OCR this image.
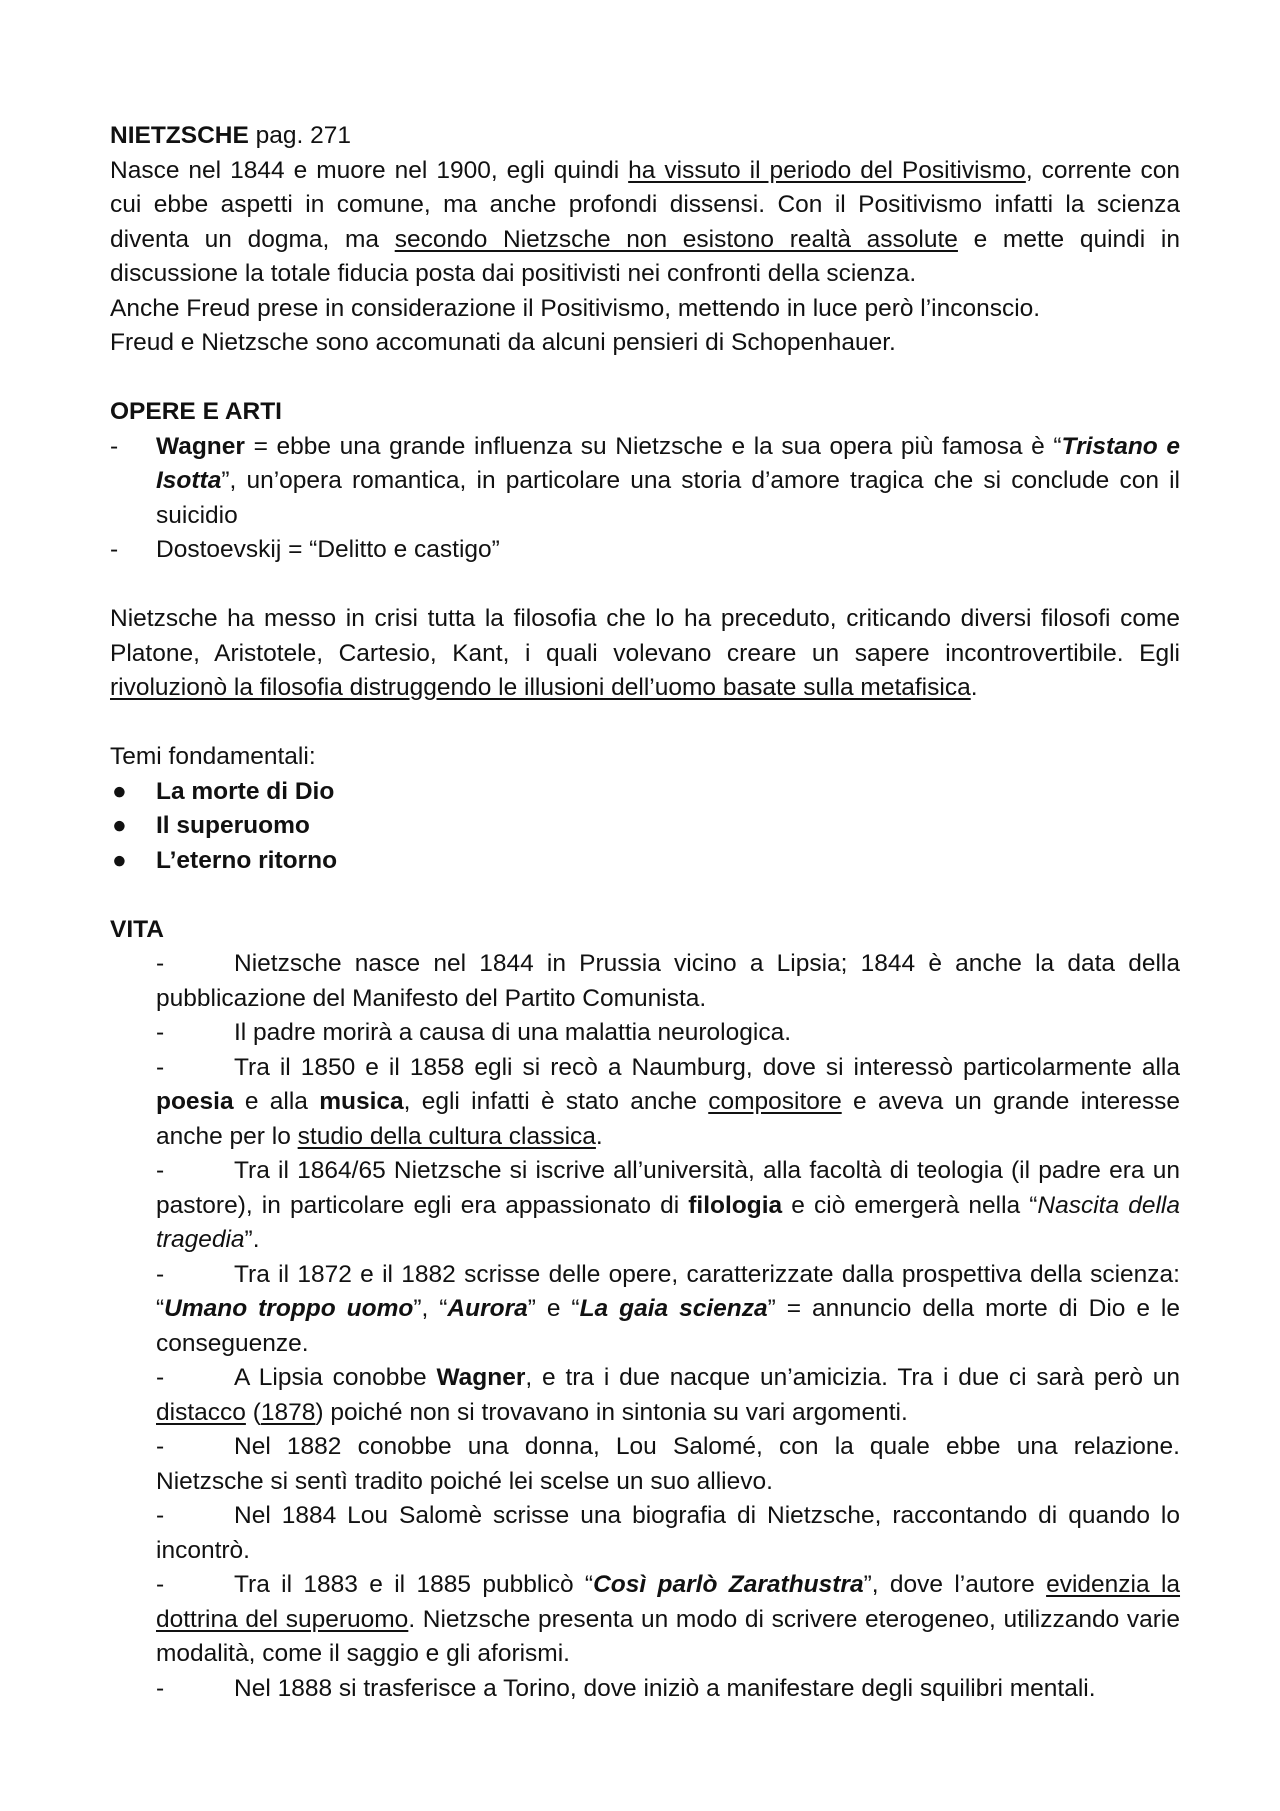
NIETZSCHE pag. 271

Nasce nel 1844 e muore nel 1900, egli quindi ha vissuto il periodo del Positivismo, corrente con cui ebbe aspetti in comune, ma anche profondi dissensi. Con il Positivismo infatti la scienza diventa un dogma, ma secondo Nietzsche non esistono realtà assolute e mette quindi in discussione la totale fiducia posta dai positivisti nei confronti della scienza.

Anche Freud prese in considerazione il Positivismo, mettendo in luce però l’inconscio.

Freud e Nietzsche sono accomunati da alcuni pensieri di Schopenhauer.

OPERE E ARTI

-	Wagner = ebbe una grande influenza su Nietzsche e la sua opera più famosa è “Tristano e Isotta”, un’opera romantica, in particolare una storia d’amore tragica che si conclude con il suicidio
-	Dostoevskij = “Delitto e castigo”

Nietzsche ha messo in crisi tutta la filosofia che lo ha preceduto, criticando diversi filosofi come Platone, Aristotele, Cartesio, Kant, i quali volevano creare un sapere incontrovertibile. Egli rivoluzionò la filosofia distruggendo le illusioni dell’uomo basate sulla metafisica.

Temi fondamentali:

●	La morte di Dio
●	Il superuomo
●	L’eterno ritorno

VITA

-	Nietzsche nasce nel 1844 in Prussia vicino a Lipsia; 1844 è anche la data della pubblicazione del Manifesto del Partito Comunista.
-	Il padre morirà a causa di una malattia neurologica.
-	Tra il 1850 e il 1858 egli si recò a Naumburg, dove si interessò particolarmente alla poesia e alla musica, egli infatti è stato anche compositore e aveva un grande interesse anche per lo studio della cultura classica.
-	Tra il 1864/65 Nietzsche si iscrive all’università, alla facoltà di teologia (il padre era un pastore), in particolare egli era appassionato di filologia e ciò emergerà nella “Nascita della tragedia”.
-	Tra il 1872 e il 1882 scrisse delle opere, caratterizzate dalla prospettiva della scienza: “Umano troppo uomo”, “Aurora” e “La gaia scienza” = annuncio della morte di Dio e le conseguenze.
-	A Lipsia conobbe Wagner, e tra i due nacque un’amicizia. Tra i due ci sarà però un distacco (1878) poiché non si trovavano in sintonia su vari argomenti.
-	Nel 1882 conobbe una donna, Lou Salomé, con la quale ebbe una relazione. Nietzsche si sentì tradito poiché lei scelse un suo allievo.
-	Nel 1884 Lou Salomè scrisse una biografia di Nietzsche, raccontando di quando lo incontrò.
-	Tra il 1883 e il 1885 pubblicò “Così parlò Zarathustra”, dove l’autore evidenzia la dottrina del superuomo. Nietzsche presenta un modo di scrivere eterogeneo, utilizzando varie modalità, come il saggio e gli aforismi.
-	Nel 1888 si trasferisce a Torino, dove iniziò a manifestare degli squilibri mentali.
